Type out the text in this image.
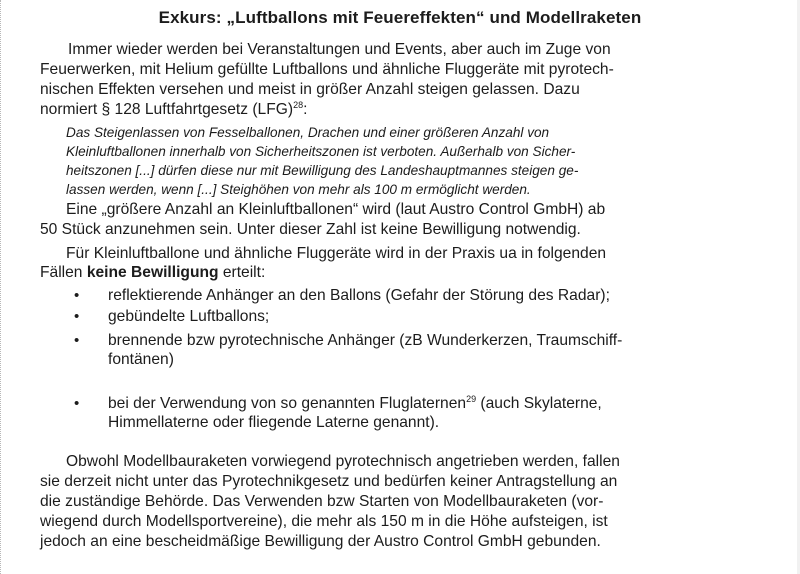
Exkurs: „Luftballons mit Feuereffekten“ und Modellraketen

Immer wieder werden bei Veranstaltungen und Events, aber auch im Zuge von

Feuerwerken, mit Helium gefüllte Luftballons und ähnliche Fluggeräte mit pyrotech-

nischen Effekten versehen und meist in größer Anzahl steigen gelassen. Dazu

normiert § 128 Luftfahrtgesetz (LFG)$^{28}$:

Das Steigenlassen von Fesselballonen, Drachen und einer größeren Anzahl von

Kleinluftballonen innerhalb von Sicherheitszonen ist verboten. Außerhalb von Sicher-

heitszonen [...] dürfen diese nur mit Bewilligung des Landeshauptmannes steigen ge-

lassen werden, wenn [...] Steighöhen von mehr als 100 m ermöglicht werden.

Eine „größere Anzahl an Kleinluftballonen“ wird (laut Austro Control GmbH) ab

50 Stück anzunehmen sein. Unter dieser Zahl ist keine Bewilligung notwendig.

Für Kleinluftballone und ähnliche Fluggeräte wird in der Praxis ua in folgenden

Fällen keine Bewilligung erteilt:

• reflektierende Anhänger an den Ballons (Gefahr der Störung des Radar);

• gebündelte Luftballons;

• brennende bzw pyrotechnische Anhänger (zB Wunderkerzen, Traumschiff-

fontänen)

• bei der Verwendung von so genannten Fluglaternen$^{29}$ (auch Skylaterne,

Himmellaterne oder fliegende Laterne genannt).

Obwohl Modellbauraketen vorwiegend pyrotechnisch angetrieben werden, fallen

sie derzeit nicht unter das Pyrotechnikgesetz und bedürfen keiner Antragstellung an

die zuständige Behörde. Das Verwenden bzw Starten von Modellbauraketen (vor-

wiegend durch Modellsportvereine), die mehr als 150 m in die Höhe aufsteigen, ist

jedoch an eine bescheidmäßige Bewilligung der Austro Control GmbH gebunden.
